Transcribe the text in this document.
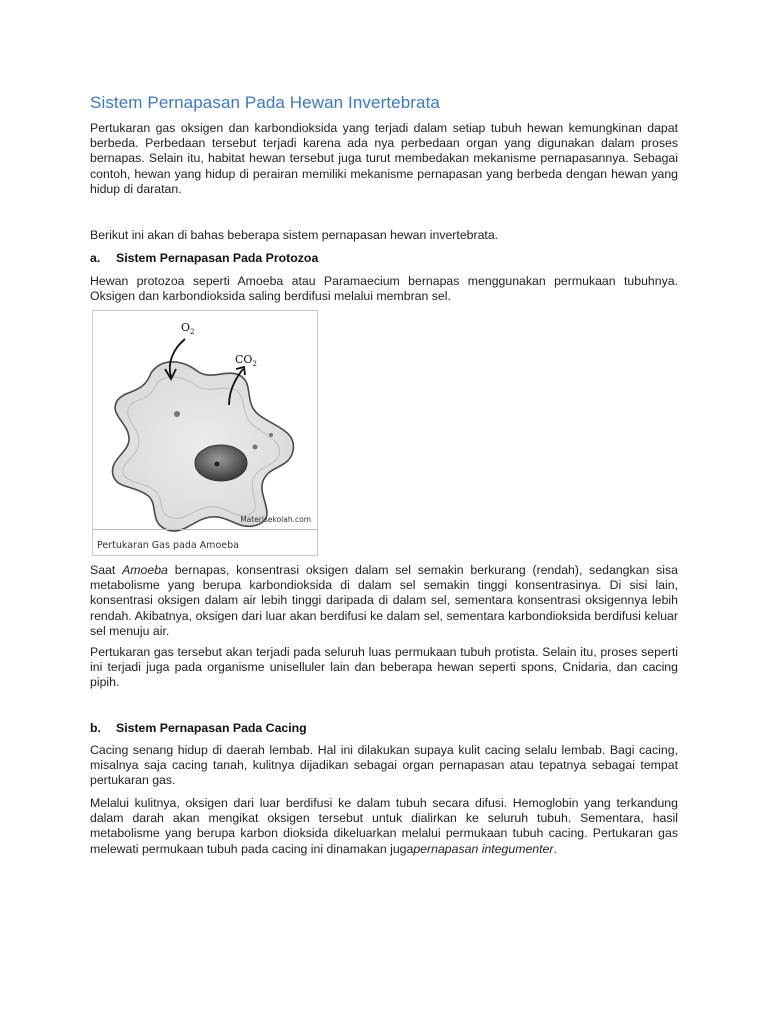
Sistem Pernapasan Pada Hewan Invertebrata

Pertukaran gas oksigen dan karbondioksida yang terjadi dalam setiap tubuh hewan kemungkinan dapat berbeda. Perbedaan tersebut terjadi karena ada nya perbedaan organ yang digunakan dalam proses bernapas. Selain itu, habitat hewan tersebut juga turut membedakan mekanisme pernapasannya. Sebagai contoh, hewan yang hidup di perairan memiliki mekanisme pernapasan yang berbeda dengan hewan yang hidup di daratan.

Berikut ini akan di bahas beberapa sistem pernapasan hewan invertebrata.

a. Sistem Pernapasan Pada Protozoa

Hewan protozoa seperti Amoeba atau Paramaecium bernapas menggunakan permukaan tubuhnya. Oksigen dan karbondioksida saling berdifusi melalui membran sel.

$O_2$
$CO_2$
Materisekolah.com
Pertukaran Gas pada Amoeba

Saat Amoeba bernapas, konsentrasi oksigen dalam sel semakin berkurang (rendah), sedangkan sisa metabolisme yang berupa karbondioksida di dalam sel semakin tinggi konsentrasinya. Di sisi lain, konsentrasi oksigen dalam air lebih tinggi daripada di dalam sel, sementara konsentrasi oksigennya lebih rendah. Akibatnya, oksigen dari luar akan berdifusi ke dalam sel, sementara karbondioksida berdifusi keluar sel menuju air.

Pertukaran gas tersebut akan terjadi pada seluruh luas permukaan tubuh protista. Selain itu, proses seperti ini terjadi juga pada organisme uniselluler lain dan beberapa hewan seperti spons, Cnidaria, dan cacing pipih.

b. Sistem Pernapasan Pada Cacing

Cacing senang hidup di daerah lembab. Hal ini dilakukan supaya kulit cacing selalu lembab. Bagi cacing, misalnya saja cacing tanah, kulitnya dijadikan sebagai organ pernapasan atau tepatnya sebagai tempat pertukaran gas.

Melalui kulitnya, oksigen dari luar berdifusi ke dalam tubuh secara difusi. Hemoglobin yang terkandung dalam darah akan mengikat oksigen tersebut untuk dialirkan ke seluruh tubuh. Sementara, hasil metabolisme yang berupa karbon dioksida dikeluarkan melalui permukaan tubuh cacing. Pertukaran gas melewati permukaan tubuh pada cacing ini dinamakan jugapernapasan integumenter.
